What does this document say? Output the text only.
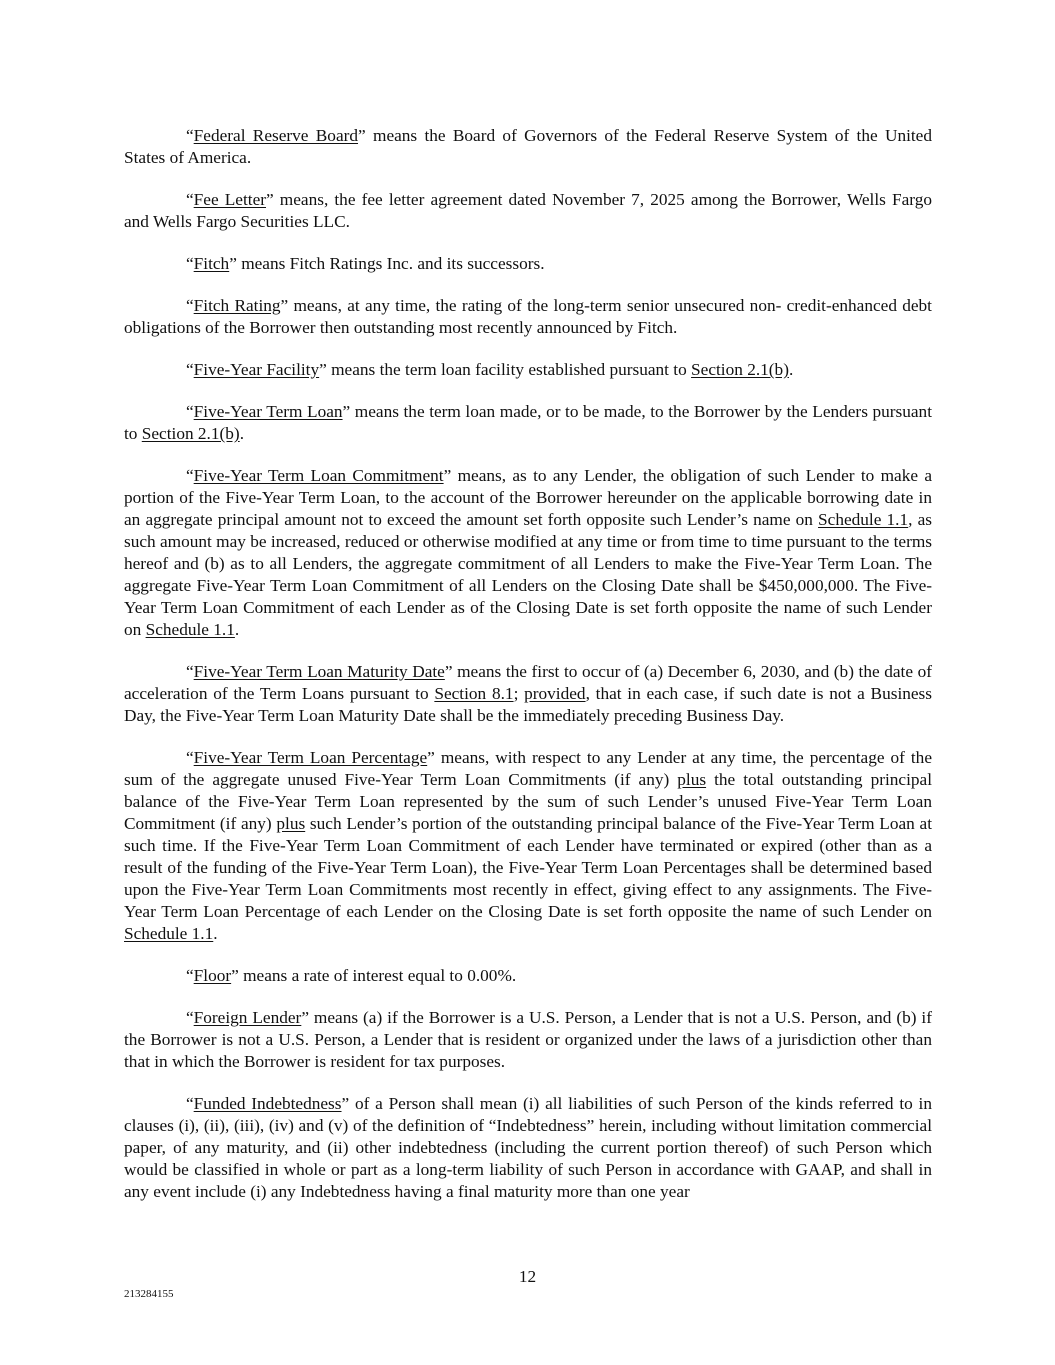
“Federal Reserve Board” means the Board of Governors of the Federal Reserve System of the United States of America.

“Fee Letter” means, the fee letter agreement dated November 7, 2025 among the Borrower, Wells Fargo and Wells Fargo Securities LLC.

“Fitch” means Fitch Ratings Inc. and its successors.

“Fitch Rating” means, at any time, the rating of the long-term senior unsecured non- credit-enhanced debt obligations of the Borrower then outstanding most recently announced by Fitch.

“Five-Year Facility” means the term loan facility established pursuant to Section 2.1(b).

“Five-Year Term Loan” means the term loan made, or to be made, to the Borrower by the Lenders pursuant to Section 2.1(b).

“Five-Year Term Loan Commitment” means, as to any Lender, the obligation of such Lender to make a portion of the Five-Year Term Loan, to the account of the Borrower hereunder on the applicable borrowing date in an aggregate principal amount not to exceed the amount set forth opposite such Lender’s name on Schedule 1.1, as such amount may be increased, reduced or otherwise modified at any time or from time to time pursuant to the terms hereof and (b) as to all Lenders, the aggregate commitment of all Lenders to make the Five-Year Term Loan. The aggregate Five-Year Term Loan Commitment of all Lenders on the Closing Date shall be $450,000,000. The Five-Year Term Loan Commitment of each Lender as of the Closing Date is set forth opposite the name of such Lender on Schedule 1.1.

“Five-Year Term Loan Maturity Date” means the first to occur of (a) December 6, 2030, and (b) the date of acceleration of the Term Loans pursuant to Section 8.1; provided, that in each case, if such date is not a Business Day, the Five-Year Term Loan Maturity Date shall be the immediately preceding Business Day.

“Five-Year Term Loan Percentage” means, with respect to any Lender at any time, the percentage of the sum of the aggregate unused Five-Year Term Loan Commitments (if any) plus the total outstanding principal balance of the Five-Year Term Loan represented by the sum of such Lender’s unused Five-Year Term Loan Commitment (if any) plus such Lender’s portion of the outstanding principal balance of the Five-Year Term Loan at such time. If the Five-Year Term Loan Commitment of each Lender have terminated or expired (other than as a result of the funding of the Five-Year Term Loan), the Five-Year Term Loan Percentages shall be determined based upon the Five-Year Term Loan Commitments most recently in effect, giving effect to any assignments. The Five-Year Term Loan Percentage of each Lender on the Closing Date is set forth opposite the name of such Lender on Schedule 1.1.

“Floor” means a rate of interest equal to 0.00%.

“Foreign Lender” means (a) if the Borrower is a U.S. Person, a Lender that is not a U.S. Person, and (b) if the Borrower is not a U.S. Person, a Lender that is resident or organized under the laws of a jurisdiction other than that in which the Borrower is resident for tax purposes.

“Funded Indebtedness” of a Person shall mean (i) all liabilities of such Person of the kinds referred to in clauses (i), (ii), (iii), (iv) and (v) of the definition of “Indebtedness” herein, including without limitation commercial paper, of any maturity, and (ii) other indebtedness (including the current portion thereof) of such Person which would be classified in whole or part as a long-term liability of such Person in accordance with GAAP, and shall in any event include (i) any Indebtedness having a final maturity more than one year

12
213284155
